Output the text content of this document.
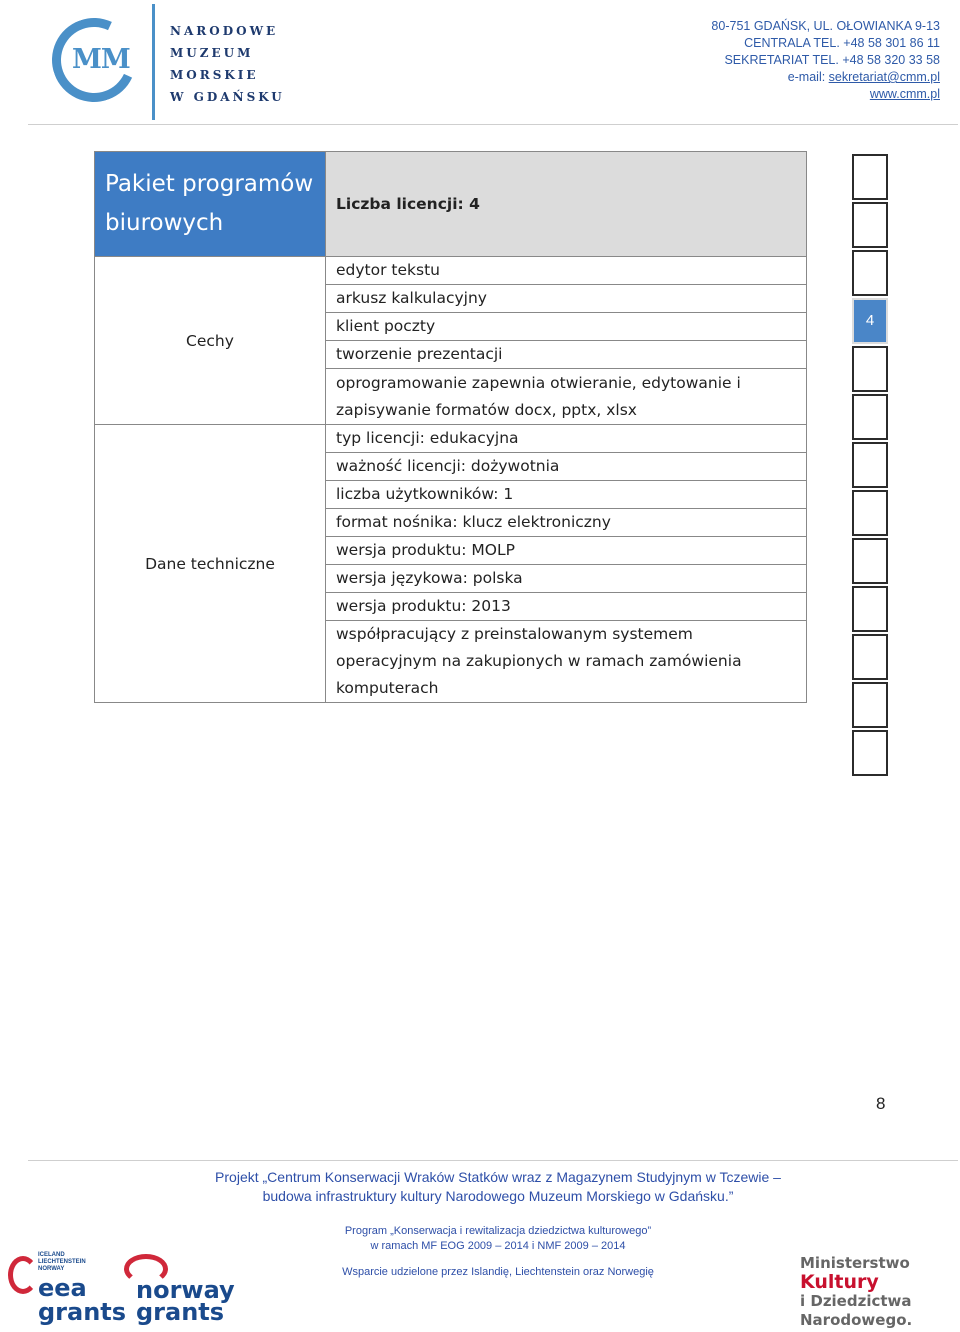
MM
NARODOWE
MUZEUM
MORSKIE
W GDAŃSKU
80-751 GDAŃSK, UL. OŁOWIANKA 9-13
CENTRALA TEL. +48 58 301 86 11
SEKRETARIAT TEL. +48 58 320 33 58
e-mail: sekretariat@cmm.pl
www.cmm.pl
Pakiet programów biurowych	Liczba licencji: 4
Cechy	edytor tekstu
	arkusz kalkulacyjny
	klient poczty
	tworzenie prezentacji
	oprogramowanie zapewnia otwieranie, edytowanie i zapisywanie formatów docx, pptx, xlsx
Dane techniczne	typ licencji: edukacyjna
	ważność licencji: dożywotnia
	liczba użytkowników: 1
	format nośnika: klucz elektroniczny
	wersja produktu: MOLP
	wersja językowa: polska
	wersja produktu: 2013
	współpracujący z preinstalowanym systemem operacyjnym na zakupionych w ramach zamówienia komputerach
4
8
Projekt „Centrum Konserwacji Wraków Statków wraz z Magazynem Studyjnym w Tczewie –
budowa infrastruktury kultury Narodowego Muzeum Morskiego w Gdańsku.”
Program „Konserwacja i rewitalizacja dziedzictwa kulturowego”
w ramach MF EOG 2009 – 2014 i NMF 2009 – 2014
Wsparcie udzielone przez Islandię, Liechtenstein oraz Norwegię
ICELAND
LIECHTENSTEIN
NORWAY
eea
grants
norway
grants
Ministerstwo
Kultury
i Dziedzictwa
Narodowego.
